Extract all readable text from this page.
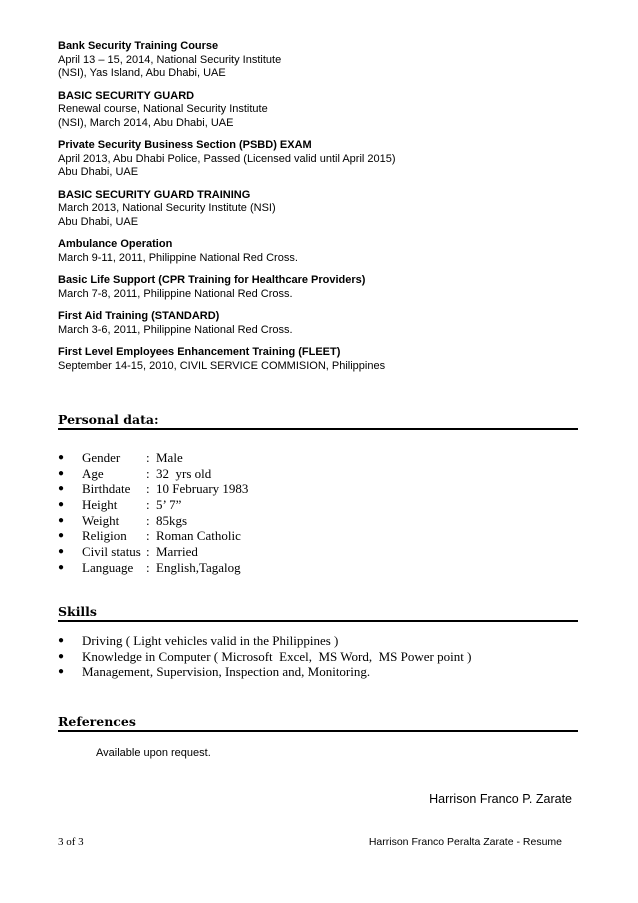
Bank Security Training Course
April 13 – 15, 2014, National Security Institute
(NSI), Yas Island, Abu Dhabi, UAE
BASIC SECURITY GUARD
Renewal course, National Security Institute
(NSI), March 2014, Abu Dhabi, UAE
Private Security Business Section (PSBD) EXAM
April 2013, Abu Dhabi Police, Passed (Licensed valid until April 2015)
Abu Dhabi, UAE
BASIC SECURITY GUARD TRAINING
March 2013, National Security Institute (NSI)
Abu Dhabi, UAE
Ambulance Operation
March 9-11, 2011, Philippine National Red Cross.
Basic Life Support (CPR Training for Healthcare Providers)
March 7-8, 2011, Philippine National Red Cross.
First Aid Training (STANDARD)
March 3-6, 2011, Philippine National Red Cross.
First Level Employees Enhancement Training (FLEET)
September 14-15, 2010, CIVIL SERVICE COMMISION, Philippines
Personal data:
● Gender : Male
● Age	: 32  yrs old
● Birthdate : 10 February 1983
● Height : 5’ 7”
● Weight : 85kgs
● Religion : Roman Catholic
● Civil status : Married
● Language : English,Tagalog
Skills
● Driving ( Light vehicles valid in the Philippines )
● Knowledge in Computer ( Microsoft  Excel,  MS Word,  MS Power point )
● Management, Supervision, Inspection and, Monitoring.
References
Available upon request.
Harrison Franco P. Zarate
3 of 3	Harrison Franco Peralta Zarate - Resume
